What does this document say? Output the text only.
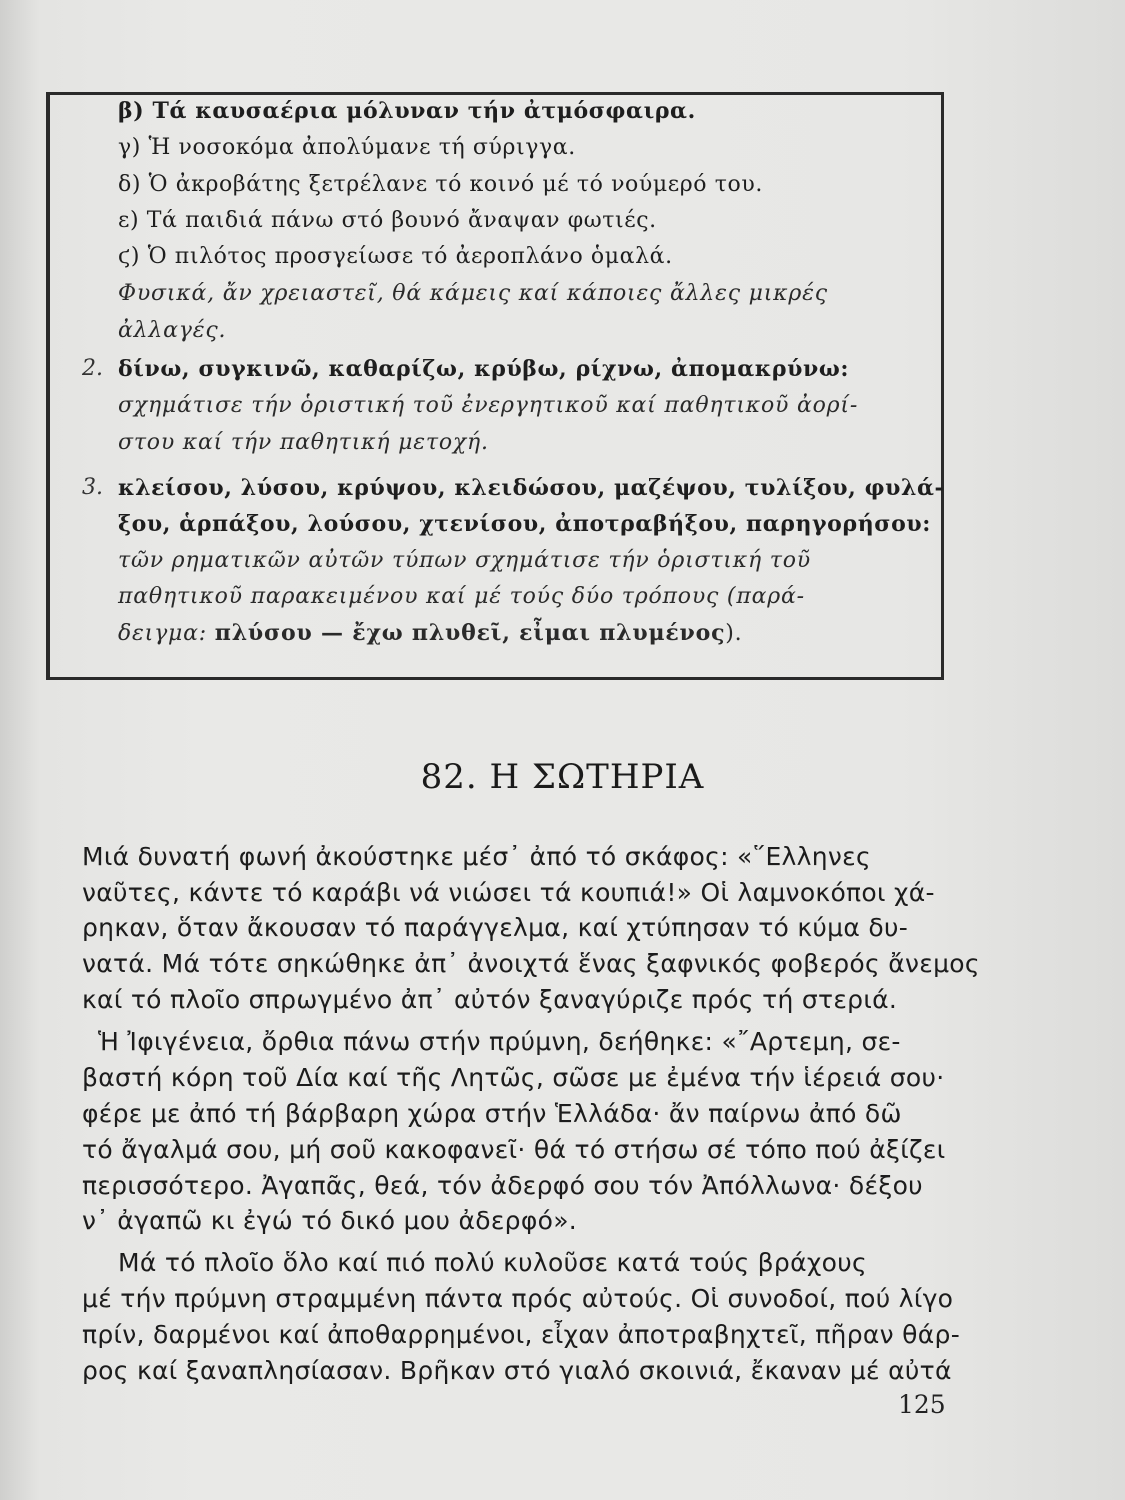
β) Τά καυσαέρια μόλυναν τήν ἀτμόσφαιρα.
γ) Ἡ νοσοκόμα ἀπολύμανε τή σύριγγα.
δ) Ὁ ἀκροβάτης ξετρέλανε τό κοινό μέ τό νούμερό του.
ε) Τά παιδιά πάνω στό βουνό ἄναψαν φωτιές.
ϛ) Ὁ πιλότος προσγείωσε τό ἀεροπλάνο ὁμαλά.
Φυσικά, ἄν χρειαστεῖ, θά κάμεις καί κάποιες ἄλλες μικρές
ἀλλαγές.
2. δίνω, συγκινῶ, καθαρίζω, κρύβω, ρίχνω, ἀπομακρύνω:
σχημάτισε τήν ὁριστική τοῦ ἐνεργητικοῦ καί παθητικοῦ ἀορί-
στου καί τήν παθητική μετοχή.
3. κλείσου, λύσου, κρύψου, κλειδώσου, μαζέψου, τυλίξου, φυλά-
ξου, ἁρπάξου, λούσου, χτενίσου, ἀποτραβήξου, παρηγορήσου:
τῶν ρηματικῶν αὐτῶν τύπων σχημάτισε τήν ὁριστική τοῦ
παθητικοῦ παρακειμένου καί μέ τούς δύο τρόπους (παρά-
δειγμα: πλύσου — ἔχω πλυθεῖ, εἶμαι πλυμένος).
82. Η ΣΩΤΗΡΙΑ
Μιά δυνατή φωνή ἀκούστηκε μέσ᾽ ἀπό τό σκάφος: «῞Ελληνες
ναῦτες, κάντε τό καράβι νά νιώσει τά κουπιά!» Οἱ λαμνοκόποι χά-
ρηκαν, ὅταν ἄκουσαν τό παράγγελμα, καί χτύπησαν τό κύμα δυ-
νατά. Μά τότε σηκώθηκε ἀπ᾽ ἀνοιχτά ἕνας ξαφνικός φοβερός ἄνεμος
καί τό πλοῖο σπρωγμένο ἀπ᾽ αὐτόν ξαναγύριζε πρός τή στεριά.
Ἡ Ἰφιγένεια, ὄρθια πάνω στήν πρύμνη, δεήθηκε: «῎Αρτεμη, σε-
βαστή κόρη τοῦ Δία καί τῆς Λητῶς, σῶσε με ἐμένα τήν ἱέρειά σου·
φέρε με ἀπό τή βάρβαρη χώρα στήν Ἑλλάδα· ἄν παίρνω ἀπό δῶ
τό ἄγαλμά σου, μή σοῦ κακοφανεῖ· θά τό στήσω σέ τόπο πού ἀξίζει
περισσότερο. Ἀγαπᾶς, θεά, τόν ἀδερφό σου τόν Ἀπόλλωνα· δέξου
ν᾽ ἀγαπῶ κι ἐγώ τό δικό μου ἀδερφό».
Μά τό πλοῖο ὅλο καί πιό πολύ κυλοῦσε κατά τούς βράχους
μέ τήν πρύμνη στραμμένη πάντα πρός αὐτούς. Οἱ συνοδοί, πού λίγο
πρίν, δαρμένοι καί ἀποθαρρημένοι, εἶχαν ἀποτραβηχτεῖ, πῆραν θάρ-
ρος καί ξαναπλησίασαν. Βρῆκαν στό γιαλό σκοινιά, ἔκαναν μέ αὐτά
125
